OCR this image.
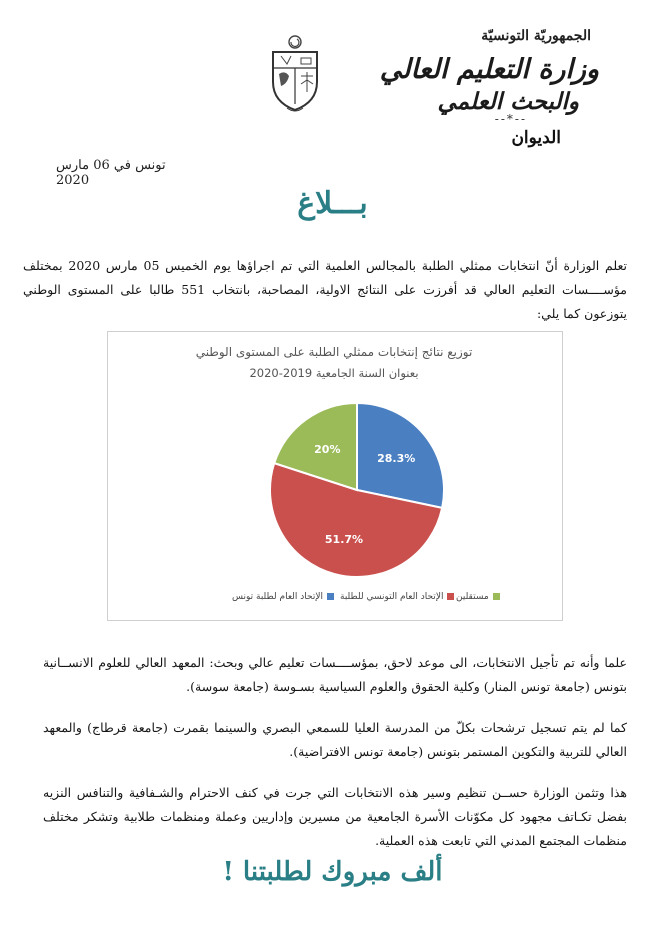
الجمهوريّة التونسيّة
وزارة التعليم العالي
والبحث العلمي
--*--
الديوان
تونس في 06 مارس 2020
بـــلاغ
تعلم الوزارة أنّ انتخابات ممثلي الطلبة بالمجالس العلمية التي تم اجراؤها يوم الخميس 05 مارس 2020 بمختلف مؤســــسات التعليم العالي قد أفرزت على النتائج الاولية، المصاحبة، بانتخاب 551 طالبا على المستوى الوطني يتوزعون كما يلي:
توزيع نتائج إنتخابات ممثلي الطلبة على المستوى الوطني
بعنوان السنة الجامعية 2019-2020
28.3%
51.7%
20%
الإتحاد العام لطلبة تونس	الإتحاد العام التونسي للطلبة	مستقلين
علما وأنه تم تأجيل الانتخابات، الى موعد لاحق، بمؤســــسات تعليم عالي وبحث: المعهد العالي للعلوم الانســانية بتونس (جامعة تونس المنار) وكلية الحقوق والعلوم السياسية بسـوسة (جامعة سوسة).
كما لم يتم تسجيل ترشحات بكلّ من المدرسة العليا للسمعي البصري والسينما بقمرت (جامعة قرطاج) والمعهد العالي للتربية والتكوين المستمر بتونس (جامعة تونس الافتراضية).
هذا وتثمن الوزارة حســن تنظيم وسير هذه الانتخابات التي جرت في كنف الاحترام والشـفافية والتنافس النزيه بفضل تكـاتف مجهود كل مكوّنات الأسرة الجامعية من مسيرين وإداريين وعملة ومنظمات طلابية وتشكر مختلف منظمات المجتمع المدني التي تابعت هذه العملية.
ألف مبروك لطلبتنا !
